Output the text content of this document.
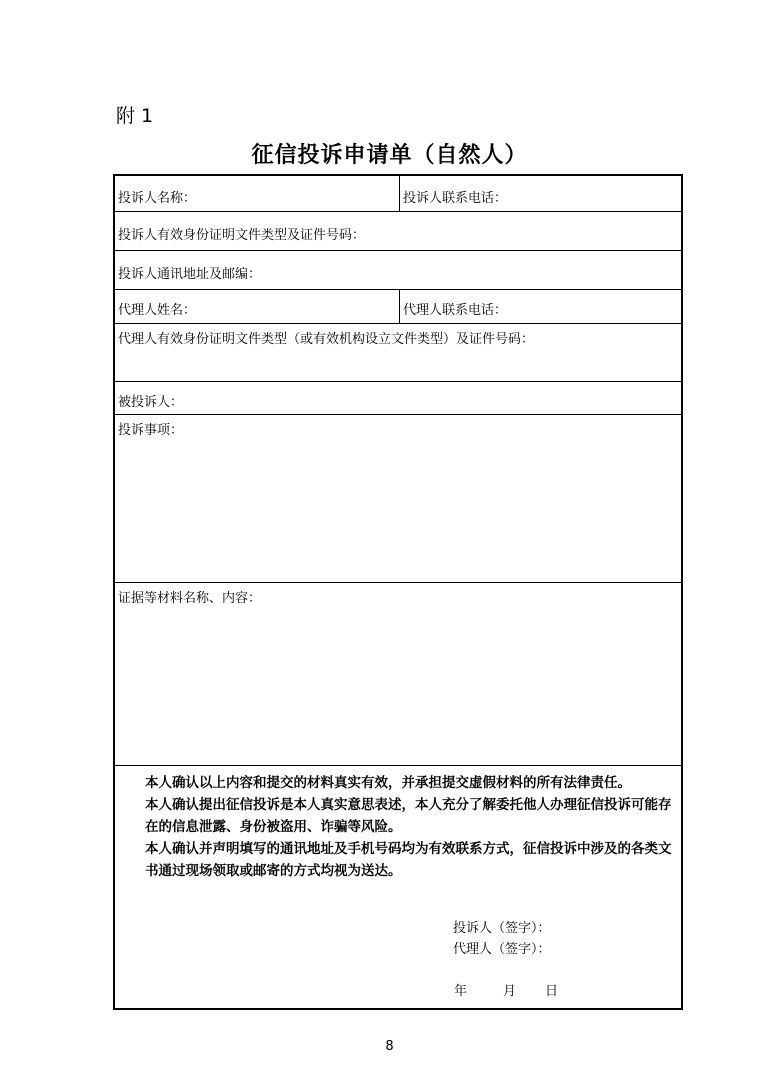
附 1
征信投诉申请单（自然人）
投诉人名称：	投诉人联系电话：
投诉人有效身份证明文件类型及证件号码：
投诉人通讯地址及邮编：
代理人姓名：	代理人联系电话：
代理人有效身份证明文件类型（或有效机构设立文件类型）及证件号码：
被投诉人：
投诉事项：
证据等材料名称、内容：

本人确认以上内容和提交的材料真实有效，并承担提交虚假材料的所有法律责任。

本人确认提出征信投诉是本人真实意思表述，本人充分了解委托他人办理征信投诉可能存在的信息泄露、身份被盗用、诈骗等风险。

本人确认并声明填写的通讯地址及手机号码均为有效联系方式，征信投诉中涉及的各类文书通过现场领取或邮寄的方式均视为送达。

投诉人（签字）：
代理人（签字）：
年	月 日
8
